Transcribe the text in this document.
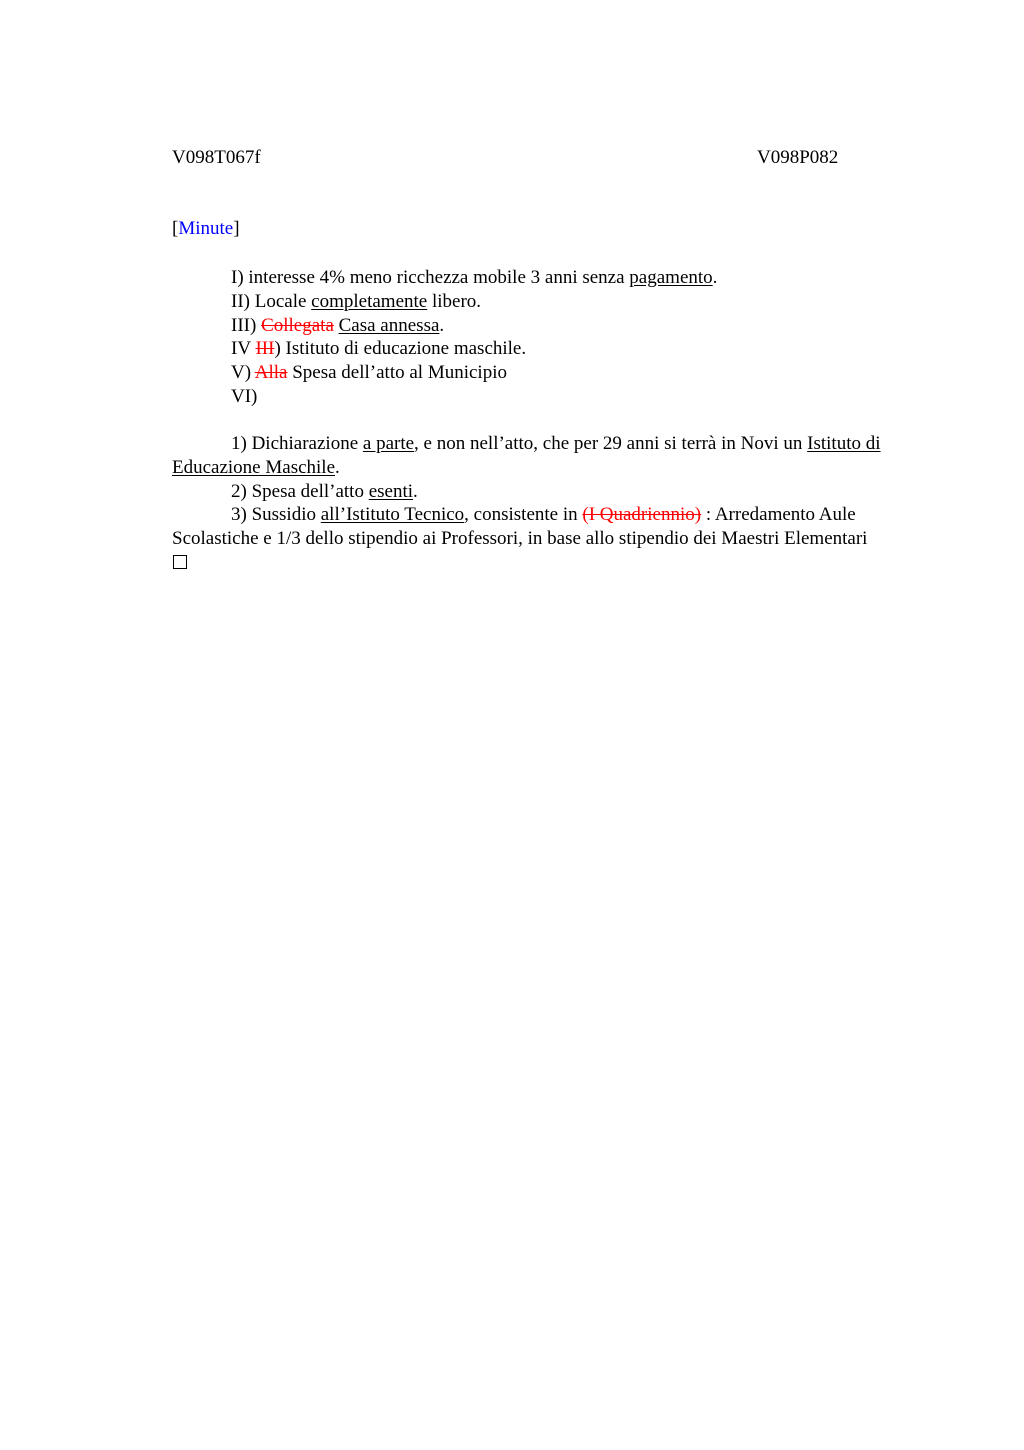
V098T067f	V098P082
[Minute]
I) interesse 4% meno ricchezza mobile 3 anni senza pagamento.
II) Locale completamente libero.
III) Collegata Casa annessa.
IV III) Istituto di educazione maschile.
V) Alla Spesa dell’atto al Municipio
VI)
1) Dichiarazione a parte, e non nell’atto, che per 29 anni si terrà in Novi un Istituto di Educazione Maschile.
2) Spesa dell’atto esenti.
3) Sussidio all’Istituto Tecnico, consistente in (I Quadriennio) : Arredamento Aule Scolastiche e 1/3 dello stipendio ai Professori, in base allo stipendio dei Maestri Elementari
